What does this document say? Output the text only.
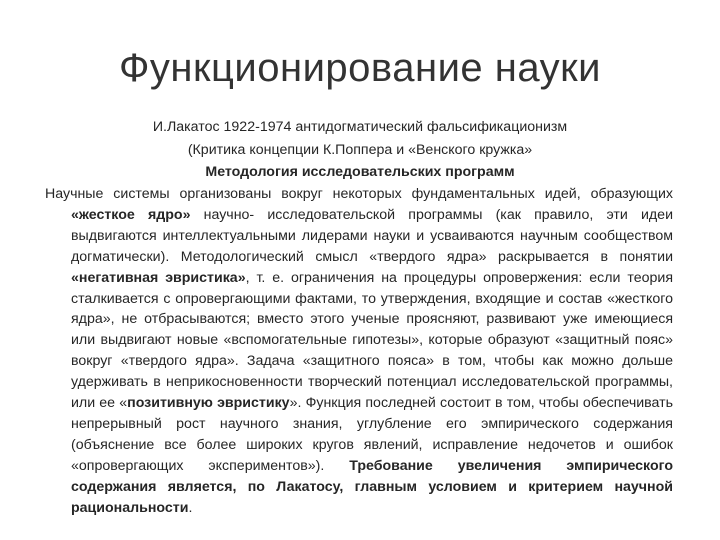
Функционирование науки
И.Лакатос 1922-1974 антидогматический фальсификационизм
(Критика концепции К.Поппера и «Венского кружка»
Методология исследовательских программ

Научные системы организованы вокруг некоторых фундаментальных идей, образующих «жесткое ядро» научно- исследовательской программы (как правило, эти идеи выдвигаются интеллектуальными лидерами науки и усваиваются научным сообществом догматически). Методологический смысл «твердого ядра» раскрывается в понятии «негативная эвристика», т. е. ограничения на процедуры опровержения: если теория сталкивается с опровергающими фактами, то утверждения, входящие и состав «жесткого ядра», не отбрасываются; вместо этого ученые проясняют, развивают уже имеющиеся или выдвигают новые «вспомогательные гипотезы», которые образуют «защитный пояс» вокруг «твердого ядра». Задача «защитного пояса» в том, чтобы как можно дольше удерживать в неприкосновенности творческий потенциал исследовательской программы, или ее «позитивную эвристику». Функция последней состоит в том, чтобы обеспечивать непрерывный рост научного знания, углубление его эмпирического содержания (объяснение все более широких кругов явлений, исправление недочетов и ошибок «опровергающих экспериментов»). Требование увеличения эмпирического содержания является, по Лакатосу, главным условием и критерием научной рациональности.
